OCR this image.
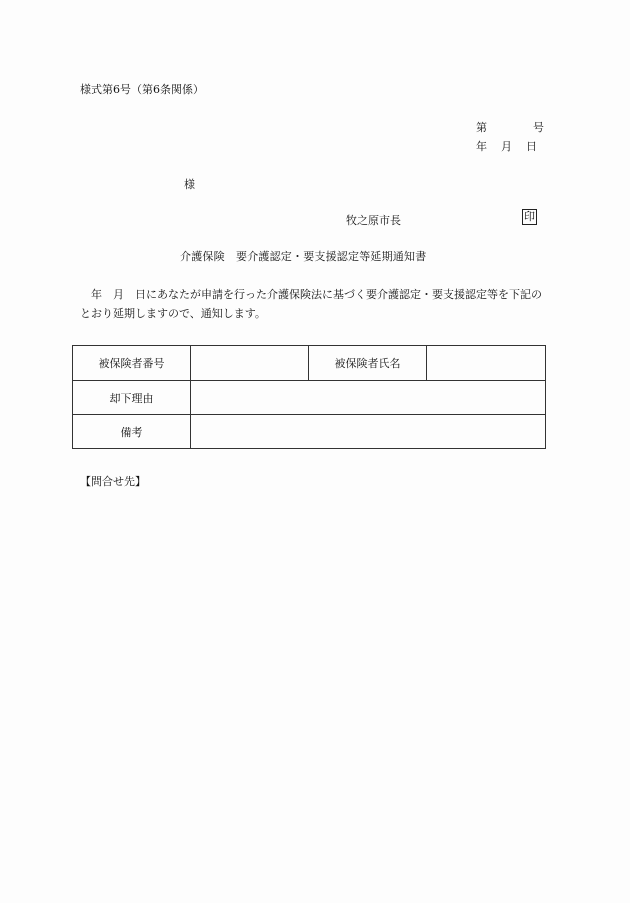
様式第6号（第6条関係）
第	号
年 月 日
様
牧之原市長	印
介護保険　要介護認定・要支援認定等延期通知書
年　月　日にあなたが申請を行った介護保険法に基づく要介護認定・要支援認定等を下記のとおり延期しますので、通知します。
被保険者番号		被保険者氏名	
却下理由			
備考			
【問合せ先】
